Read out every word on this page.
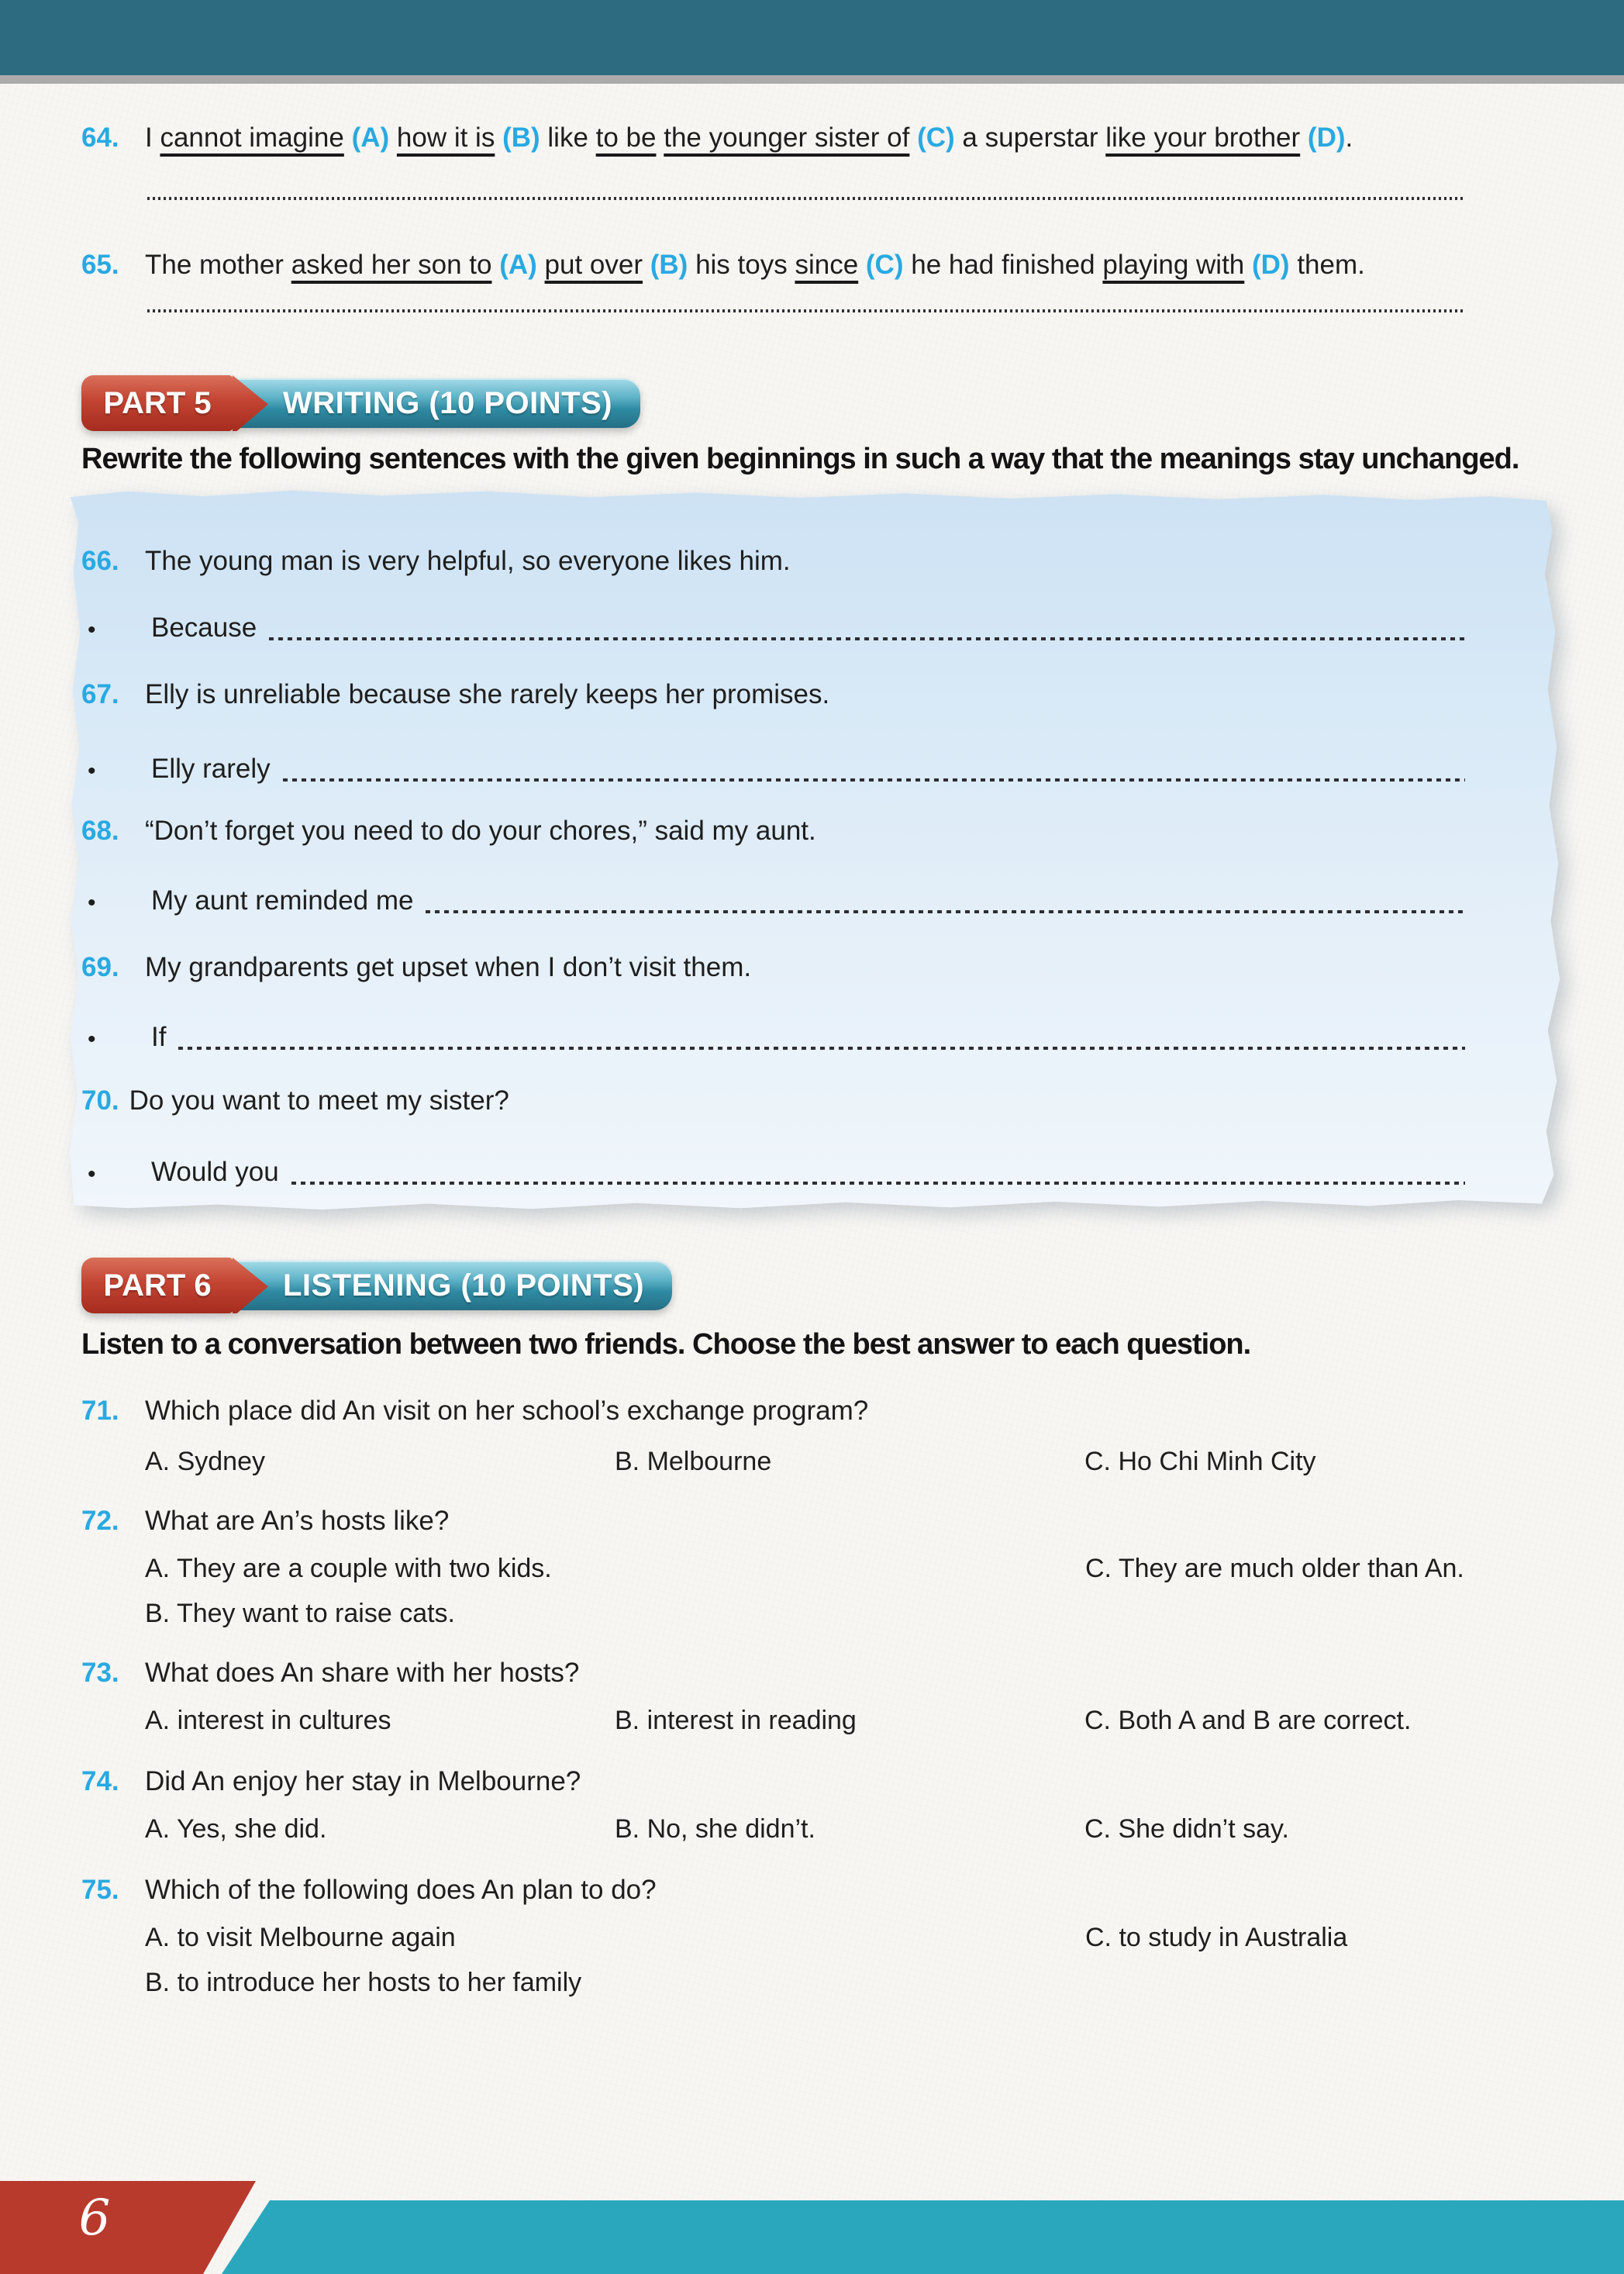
64. I cannot imagine (A) how it is (B) like to be the younger sister of (C) a superstar like your brother (D).

65. The mother asked her son to (A) put over (B) his toys since (C) he had finished playing with (D) them.

WRITING (10 POINTS)
PART 5

Rewrite the following sentences with the given beginnings in such a way that the meanings stay unchanged.

66. The young man is very helpful, so everyone likes him.

•	Because
67. Elly is unreliable because she rarely keeps her promises.

•	Elly rarely
68. “Don’t forget you need to do your chores,” said my aunt.

•	My aunt reminded me
69. My grandparents get upset when I don’t visit them.

•	If
70. Do you want to meet my sister?

•	Would you
LISTENING (10 POINTS)
PART 6

Listen to a conversation between two friends. Choose the best answer to each question.

71. Which place did An visit on her school’s exchange program?

A. Sydney	B. Melbourne	C. Ho Chi Minh City
72. What are An’s hosts like?

A. They are a couple with two kids.	C. They are much older than An.
B. They want to raise cats.
73. What does An share with her hosts?

A. interest in cultures	B. interest in reading	C. Both A and B are correct.
74. Did An enjoy her stay in Melbourne?

A. Yes, she did.	B. No, she didn’t.	C. She didn’t say.
75. Which of the following does An plan to do?

A. to visit Melbourne again	C. to study in Australia
B. to introduce her hosts to her family
6
